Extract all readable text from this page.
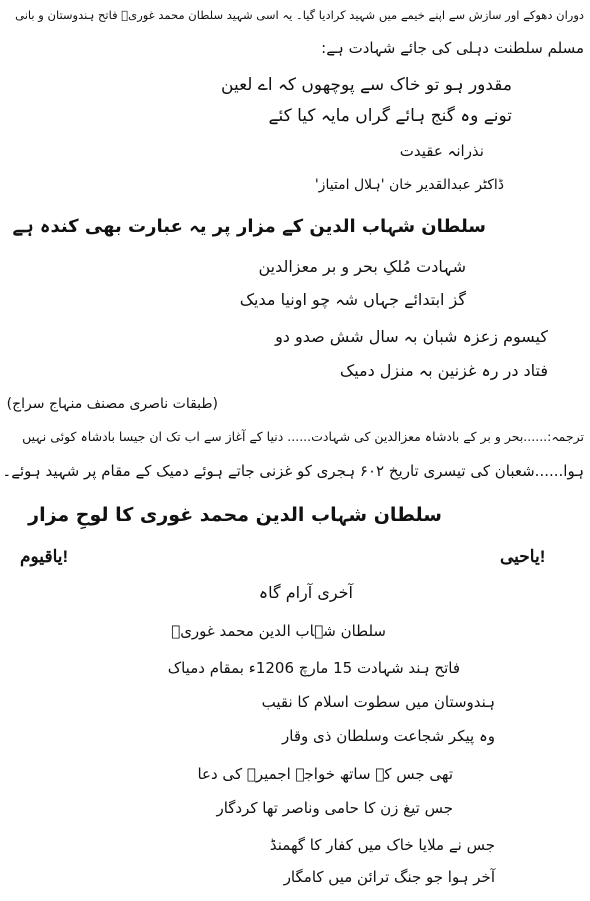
دوران دھوکے اور سازش سے اپنے خیمے میں شہید کرادیا گیا۔ یہ اسی شہید سلطان محمد غوریؒ فاتح ہندوستان و بانی
مسلم سلطنت دہلی کی جائے شہادت ہے:
مقدور ہو تو خاک سے پوچھوں کہ اے لعین
تونے وہ گنج ہائے گراں مایہ کیا کئے
نذرانہ عقیدت
ڈاکٹر عبدالقدیر خان 'ہلال امتیاز'
سلطان شہاب الدین کے مزار پر یہ عبارت بھی کندہ ہے
شہادت مُلکِ بحر و بر معزالدین
گز ابتدائے جہاں شہ چو اونیا مدیک
کیسوم زعزہ شبان بہ سال شش صدو دو
فتاد در رہ غزنین بہ منزل دمیک
(طبقات ناصری مصنف منہاج سراج)
ترجمہ:......بحر و بر کے بادشاہ معزالدین کی شہادت...... دنیا کے آغاز سے اب تک ان جیسا بادشاہ کوئی نہیں
ہوا......شعبان کی تیسری تاریخ ۶۰۲ ہجری کو غزنی جاتے ہوئے دمیک کے مقام پر شہید ہوئے۔
سلطان شہاب الدین محمد غوری کا لوحِ مزار
یاقیوم!	یاحیی!
آخری آرام گاہ
سلطان شہاب الدین محمد غوریؒ
فاتح ہند شہادت 15 مارچ 1206ء بمقام دمیاک
ہندوستان میں سطوت اسلام کا نقیب
وہ پیکر شجاعت وسلطان ذی وقار
تھی جس کے ساتھ خواجہ اجمیرؒ کی دعا
جس تیغ زن کا حامی وناصر تھا کردگار
جس نے ملایا خاک میں کفار کا گھمنڈ
آخر ہوا جو جنگ ترائن میں کامگار
